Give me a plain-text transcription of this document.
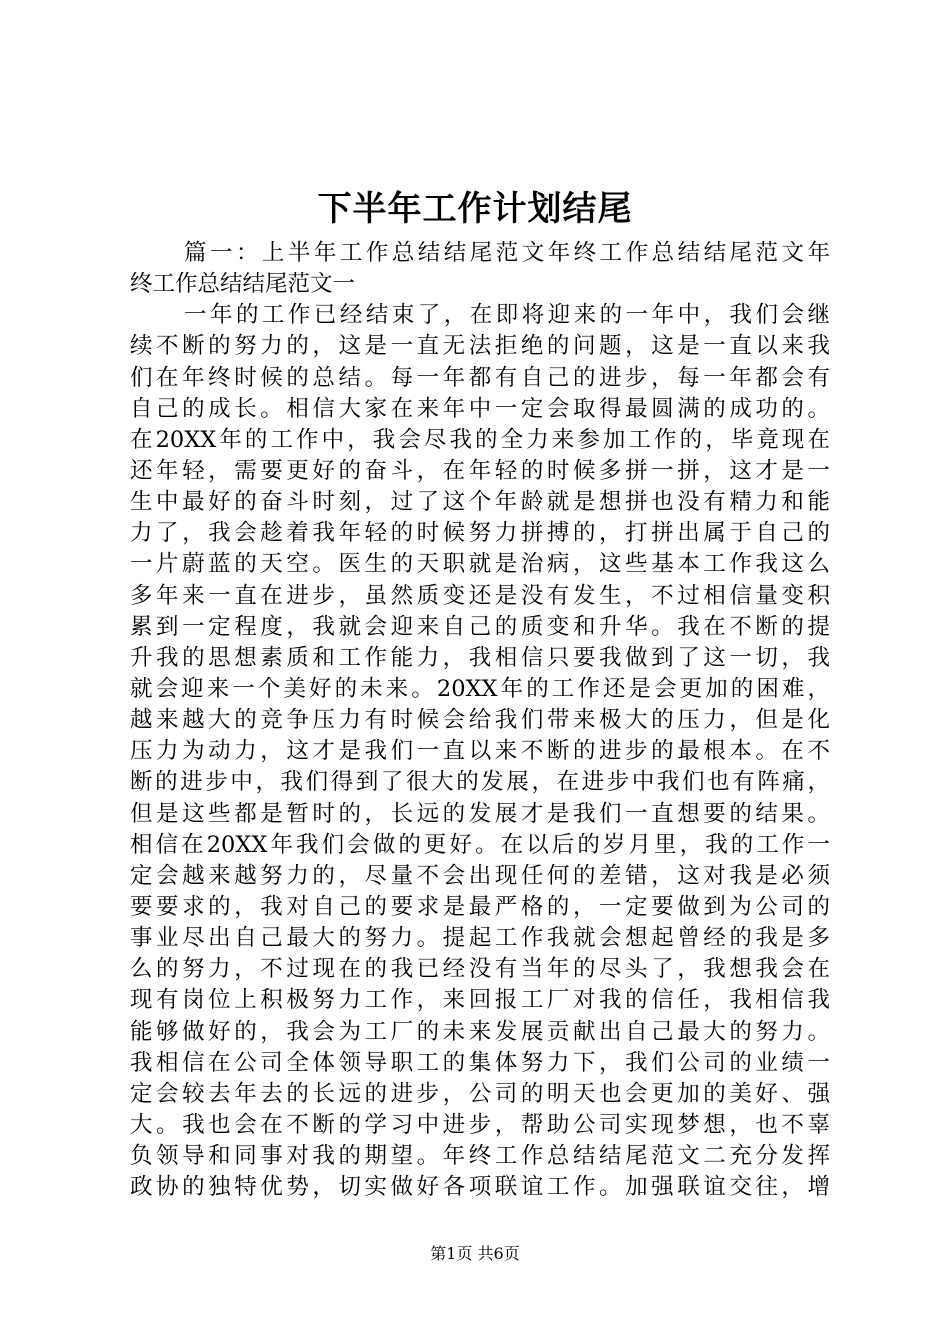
下半年工作计划结尾
篇一：上半年工作总结结尾范文年终工作总结结尾范文年
终工作总结结尾范文一
一年的工作已经结束了，在即将迎来的一年中，我们会继
续不断的努力的，这是一直无法拒绝的问题，这是一直以来我
们在年终时候的总结。每一年都有自己的进步，每一年都会有
自己的成长。相信大家在来年中一定会取得最圆满的成功的。
在20XX年的工作中，我会尽我的全力来参加工作的，毕竟现在
还年轻，需要更好的奋斗，在年轻的时候多拼一拼，这才是一
生中最好的奋斗时刻，过了这个年龄就是想拼也没有精力和能
力了，我会趁着我年轻的时候努力拼搏的，打拼出属于自己的
一片蔚蓝的天空。医生的天职就是治病，这些基本工作我这么
多年来一直在进步，虽然质变还是没有发生，不过相信量变积
累到一定程度，我就会迎来自己的质变和升华。我在不断的提
升我的思想素质和工作能力，我相信只要我做到了这一切，我
就会迎来一个美好的未来。20XX年的工作还是会更加的困难，
越来越大的竞争压力有时候会给我们带来极大的压力，但是化
压力为动力，这才是我们一直以来不断的进步的最根本。在不
断的进步中，我们得到了很大的发展，在进步中我们也有阵痛，
但是这些都是暂时的，长远的发展才是我们一直想要的结果。
相信在20XX年我们会做的更好。在以后的岁月里，我的工作一
定会越来越努力的，尽量不会出现任何的差错，这对我是必须
要要求的，我对自己的要求是最严格的，一定要做到为公司的
事业尽出自己最大的努力。提起工作我就会想起曾经的我是多
么的努力，不过现在的我已经没有当年的尽头了，我想我会在
现有岗位上积极努力工作，来回报工厂对我的信任，我相信我
能够做好的，我会为工厂的未来发展贡献出自己最大的努力。
我相信在公司全体领导职工的集体努力下，我们公司的业绩一
定会较去年去的长远的进步，公司的明天也会更加的美好、强
大。我也会在不断的学习中进步，帮助公司实现梦想，也不辜
负领导和同事对我的期望。年终工作总结结尾范文二充分发挥
政协的独特优势，切实做好各项联谊工作。加强联谊交往，增
第1页 共6页
